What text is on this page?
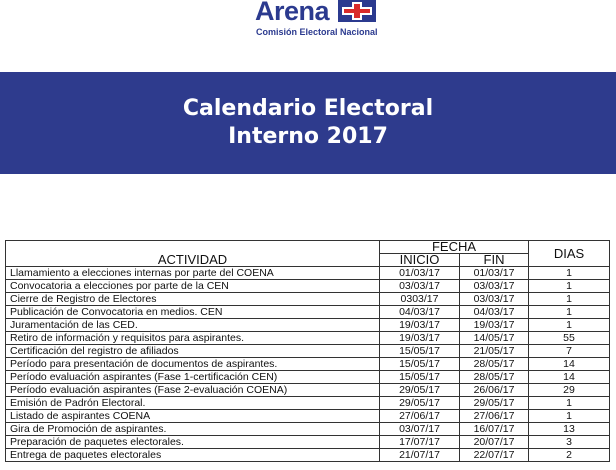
Arena
Comisión Electoral Nacional
Calendario Electoral
Interno 2017
ACTIVIDAD	FECHA		DIAS
	INICIO	FIN	
Llamamiento a elecciones internas por parte del COENA	01/03/17	01/03/17	1
Convocatoria a elecciones por parte de la CEN	03/03/17	03/03/17	1
Cierre de Registro de Electores	0303/17	03/03/17	1
Publicación de Convocatoria en medios. CEN	04/03/17	04/03/17	1
Juramentación de las CED.	19/03/17	19/03/17	1
Retiro de información y requisitos para aspirantes.	19/03/17	14/05/17	55
Certificación del registro de afiliados	15/05/17	21/05/17	7
Período para presentación de documentos de aspirantes.	15/05/17	28/05/17	14
Período evaluación aspirantes (Fase 1-certificación CEN)	15/05/17	28/05/17	14
Período evaluación aspirantes (Fase 2-evaluación COENA)	29/05/17	26/06/17	29
Emisión de Padrón Electoral.	29/05/17	29/05/17	1
Listado de aspirantes COENA	27/06/17	27/06/17	1
Gira de Promoción de aspirantes.	03/07/17	16/07/17	13
Preparación de paquetes electorales.	17/07/17	20/07/17	3
Entrega de paquetes electorales	21/07/17	22/07/17	2
